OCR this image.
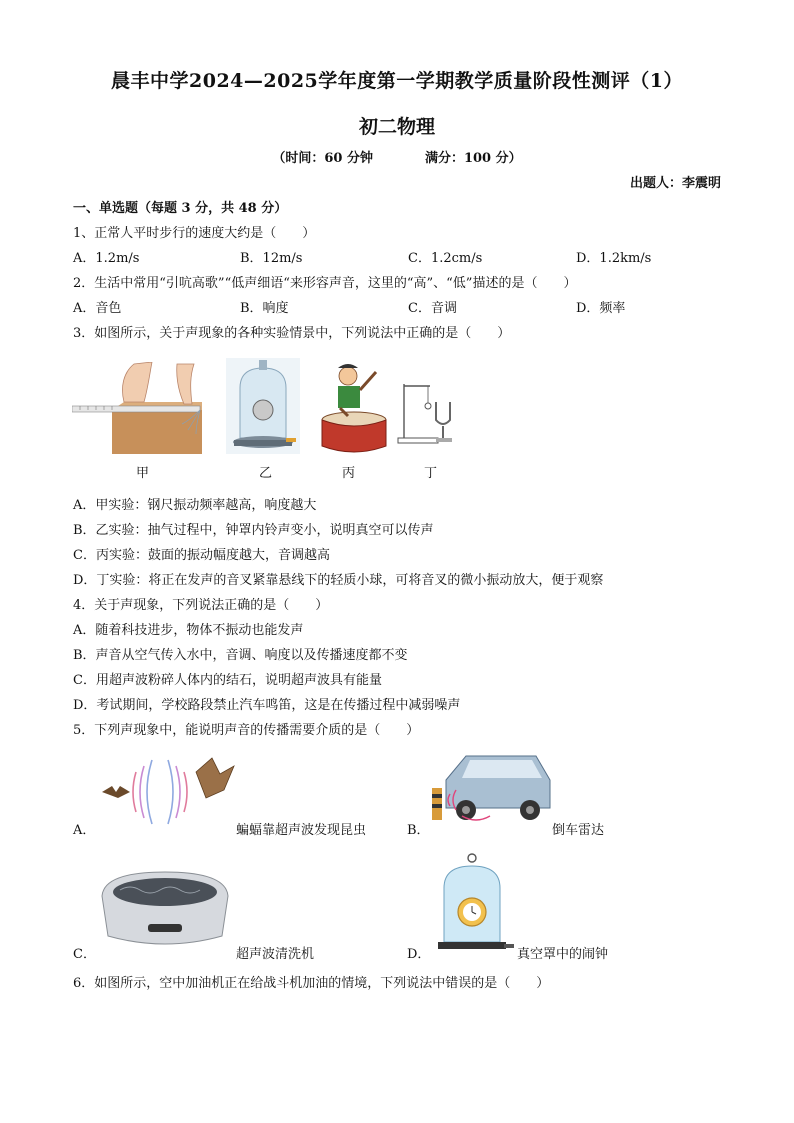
晨丰中学2024—2025学年度第一学期教学质量阶段性测评（1）
初二物理
（时间：60 分钟	满分：100 分）
出题人：李震明
一、单选题（每题 3 分，共 48 分）
1、正常人平时步行的速度大约是（　　）
A．1.2m/s	B．12m/s	C．1.2cm/s	D．1.2km/s
2．生活中常用“引吭高歌”“低声细语“来形容声音，这里的“高”、“低”描述的是（　　）
A．音色	B．响度	C．音调	D．频率
3．如图所示，关于声现象的各种实验情景中，下列说法中正确的是（　　）
甲	乙	丙	丁
A．甲实验：钢尺振动频率越高，响度越大
B．乙实验：抽气过程中，钟罩内铃声变小，说明真空可以传声
C．丙实验：鼓面的振动幅度越大，音调越高
D．丁实验：将正在发声的音叉紧靠悬线下的轻质小球，可将音叉的微小振动放大，便于观察
4．关于声现象，下列说法正确的是（　　）
A．随着科技进步，物体不振动也能发声
B．声音从空气传入水中，音调、响度以及传播速度都不变
C．用超声波粉碎人体内的结石，说明超声波具有能量
D．考试期间，学校路段禁止汽车鸣笛，这是在传播过程中减弱噪声
5．下列声现象中，能说明声音的传播需要介质的是（　　）
A．	蝙蝠靠超声波发现昆虫	B．	倒车雷达
C．	超声波清洗机	D．	真空罩中的闹钟
6．如图所示，空中加油机正在给战斗机加油的情境，下列说法中错误的是（　　）
